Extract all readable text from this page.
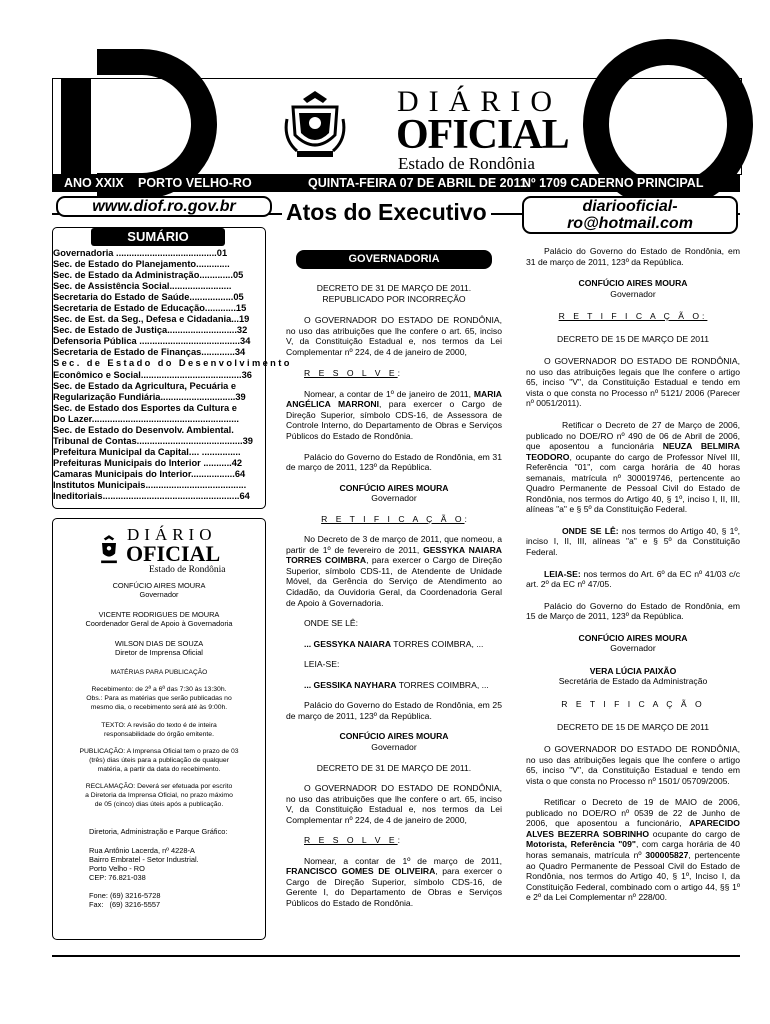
DIÁRIO
OFICIAL
Estado de Rondônia
ANO XXIX PORTO VELHO-RO	QUINTA-FEIRA 07 DE ABRIL DE 2011
Nº 1709 CADERNO PRINCIPAL
www.diof.ro.gov.br	Atos do Executivo	diariooficial-ro@hotmail.com
SUMÁRIO
Governadoria .......................................01
Sec. de Estado do Planejamento.............
Sec. de Estado da Administração.............05
Sec. de Assistência Social........................
Secretaria do Estado de Saúde.................05
Secretaria de Estado de Educação............15
Sec. de Est. da Seg., Defesa e Cidadania...19
Sec. de Estado de Justiça...........................32
Defensoria Pública .......................................34
Secretaria de Estado de Finanças.............34
Sec. de Estado do Desenvolvimento
Econômico e Social.......................................36
Sec. de Estado da Agricultura, Pecuária e
Regularização Fundiária.............................39
Sec. de Estado dos Esportes da Cultura e
Do Lazer.........................................................
Sec. de Estado do Desenvolv. Ambiental.
Tribunal de Contas.........................................39
Prefeitura Municipal da Capital.... ...............
Prefeituras Municipais do Interior ...........42
Camaras Municipais do Interior.................64
Institutos Municipais.......................................
Ineditoriais.....................................................64
DIÁRIO
OFICIAL
Estado de Rondônia
CONFÚCIO AIRES MOURA
Governador
VICENTE RODRIGUES DE MOURA
Coordenador Geral de Apoio à Governadoria
WILSON DIAS DE SOUZA
Diretor de Imprensa Oficial
MATÉRIAS PARA PUBLICAÇÃO
Recebimento: de 2ª a 6ª das 7:30 às 13:30h.
Obs.: Para as matérias que serão publicadas no
mesmo dia, o recebimento será até às 9:00h.
TEXTO: A revisão do texto é de inteira
responsabilidade do órgão emitente.
PUBLICAÇÃO: A Imprensa Oficial tem o prazo de 03
(três) dias úteis para a publicação de qualquer
matéria, a partir da data do recebimento.
RECLAMAÇÃO: Deverá ser efetuada por escrito
a Diretoria da Imprensa Oficial, no prazo máximo
de 05 (cinco) dias úteis após a publicação.
Diretoria, Administração e Parque Gráfico:
Rua Antônio Lacerda, nº 4228-A
Bairro Embratel - Setor Industrial.
Porto Velho - RO
CEP: 76.821-038
Fone: (69) 3216-5728
Fax:   (69) 3216-5557
GOVERNADORIA

DECRETO DE 31 DE MARÇO DE 2011.

REPUBLICADO POR INCORREÇÃO

O GOVERNADOR DO ESTADO DE RONDÔNIA, no uso das atribuições que lhe confere o art. 65, inciso V, da Constituição Estadual e, nos termos da Lei Complementar nº 224, de 4 de janeiro de 2000,

R E S O L V E:

Nomear, a contar de 1º de janeiro de 2011, MARIA ANGÉLICA MARRONI, para exercer o Cargo de Direção Superior, símbolo CDS-16, de Assessora de Controle Interno, do Departamento de Obras e Serviços Públicos do Estado de Rondônia.

Palácio do Governo do Estado de Rondônia, em 31 de março de 2011, 123º da República.

CONFÚCIO AIRES MOURA

Governador

R E T I F I C A Ç Ã O:

No Decreto de 3 de março de 2011, que nomeou, a partir de 1º de fevereiro de 2011, GESSYKA NAIARA TORRES COIMBRA, para exercer o Cargo de Direção Superior, símbolo CDS-11, de Atendente de Unidade Móvel, da Gerência do Serviço de Atendimento ao Cidadão, da Ouvidoria Geral, da Coordenadoria Geral de Apoio à Governadoria.

ONDE SE LÊ:

... GESSYKA NAIARA TORRES COIMBRA, ...

LEIA-SE:

... GESSIKA NAYHARA TORRES COIMBRA, ...

Palácio do Governo do Estado de Rondônia, em 25 de março de 2011, 123º da República.

CONFÚCIO AIRES MOURA

Governador

DECRETO DE 31 DE MARÇO DE 2011.

O GOVERNADOR DO ESTADO DE RONDÔNIA, no uso das atribuições que lhe confere o art. 65, inciso V, da Constituição Estadual e, nos termos da Lei Complementar nº 224, de 4 de janeiro de 2000,

R E S O L V E:

Nomear, a contar de 1º de março de 2011, FRANCISCO GOMES DE OLIVEIRA, para exercer o Cargo de Direção Superior, símbolo CDS-16, de Gerente I, do Departamento de Obras e Serviços Públicos do Estado de Rondônia.

Palácio do Governo do Estado de Rondônia, em 31 de março de 2011, 123º da República.

CONFÚCIO AIRES MOURA

Governador

R E T I F I C A Ç Ã O:

DECRETO DE 15 DE MARÇO DE 2011

O GOVERNADOR DO ESTADO DE RONDÔNIA, no uso das atribuições legais que lhe confere o artigo 65, inciso "V", da Constituição Estadual e tendo em vista o que consta no Processo nº 5121/ 2006 (Parecer nº 0051/2011).

Retificar o Decreto de 27 de Março de 2006, publicado no DOE/RO nº 490 de 06 de Abril de 2006, que aposentou a funcionária NEUZA BELMIRA TEODORO, ocupante do cargo de Professor Nível III, Referência "01", com carga horária de 40 horas semanais, matrícula nº 300019746, pertencente ao Quadro Permanente de Pessoal Civil do Estado de Rondônia, nos termos do Artigo 40, § 1º, inciso I, II, III, alíneas "a" e § 5º da Constituição Federal.

ONDE SE LÊ: nos termos do Artigo 40, § 1º, inciso I, II, III, alíneas "a" e § 5º da Constituição Federal.

LEIA-SE: nos termos do Art. 6º da EC nº 41/03 c/c art. 2º da EC nº 47/05.

Palácio do Governo do Estado de Rondônia, em 15 de Março de 2011, 123º da República.

CONFÚCIO AIRES MOURA

Governador

VERA LÚCIA PAIXÃO

Secretária de Estado da Administração

R E T I F I C A Ç Ã O

DECRETO DE 15 DE MARÇO DE 2011

O GOVERNADOR DO ESTADO DE RONDÔNIA, no uso das atribuições legais que lhe confere o artigo 65, inciso "V", da Constituição Estadual e tendo em vista o que consta no Processo nº 1501/ 05709/2005.

Retificar o Decreto de 19 de MAIO de 2006, publicado no DOE/RO nº 0539 de 22 de Junho de 2006, que aposentou a funcionário, APARECIDO ALVES BEZERRA SOBRINHO ocupante do cargo de Motorista, Referência "09", com carga horária de 40 horas semanais, matrícula nº 300005827, pertencente ao Quadro Permanente de Pessoal Civil do Estado de Rondônia, nos termos do Artigo 40, § 1º, Inciso I, da Constituição Federal, combinado com o artigo 44, §§ 1º e 2º da Lei Complementar nº 228/00.
